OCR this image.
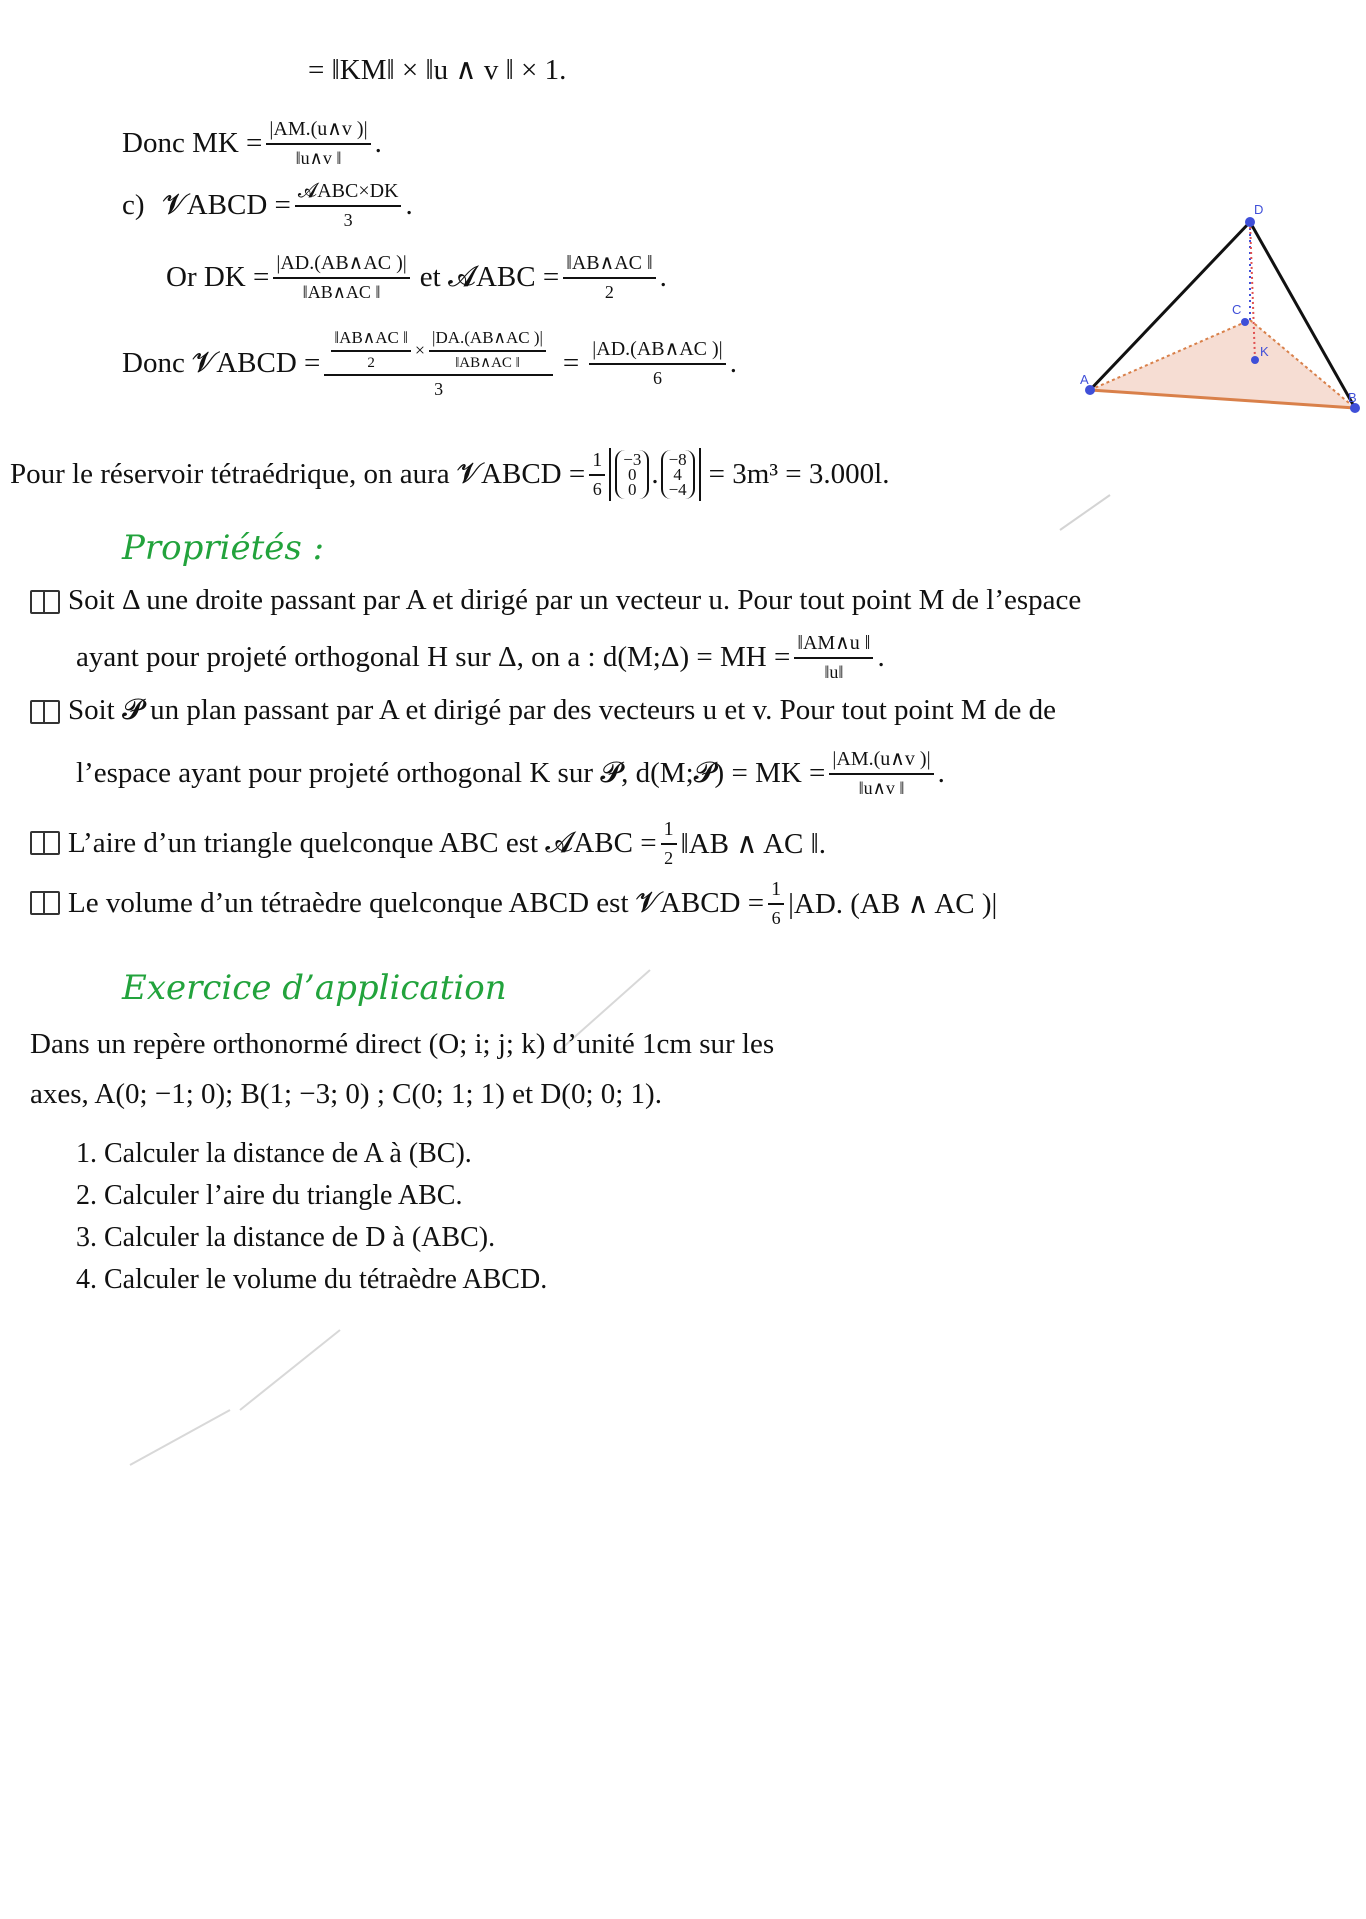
= ‖KM‖ × ‖u ∧ v ‖ × 1.
Donc MK = $\frac{|AM.(u\wedge v )|}{‖u\wedge v ‖}$ .
c) 𝓥ABCD = $\frac{\text{𝓐ABC×DK}}{3}$ .
Or DK = $\frac{|AD.(AB\wedge AC )|}{‖AB\wedge AC ‖}$ et 𝓐ABC = $\frac{‖AB\wedge AC ‖}{2}$ .
Donc 𝓥ABCD = $\frac{‖AB\wedge AC ‖}{2} \times \frac{|DA.(AB\wedge AC )|}{‖AB\wedge AC ‖}$
3
= $\frac{|AD.(AB\wedge AC )|}{6}$ .
Pour le réservoir tétraédrique, on aura 𝓥ABCD = $\frac{1}{6} -3$
0
0 . −8
4
−4 = 3m³ = 3.000l.
D
C
K
A
B
Propriétés :
Soit Δ une droite passant par A et dirigé par un vecteur u. Pour tout point M de l’espace
ayant pour projeté orthogonal H sur Δ, on a : d(M;Δ) = MH = $\frac{‖AM\wedge u ‖}{‖u‖}$ .
Soit 𝓟 un plan passant par A et dirigé par des vecteurs u et v. Pour tout point M de de
l’espace ayant pour projeté orthogonal K sur 𝓟, d(M;𝓟) = MK = $\frac{|AM.(u\wedge v )|}{‖u\wedge v ‖}$ .
L’aire d’un triangle quelconque ABC est 𝓐ABC = $\frac{1}{2}$ ‖AB ∧ AC ‖.
Le volume d’un tétraèdre quelconque ABCD est 𝓥ABCD = $\frac{1}{6} |AD$. (AB ∧ AC )|
Exercice d’application
Dans un repère orthonormé direct (O; i; j; k) d’unité 1cm sur les
axes, A(0; −1; 0); B(1; −3; 0) ; C(0; 1; 1) et D(0; 0; 1).
1. Calculer la distance de A à (BC).
2. Calculer l’aire du triangle ABC.
3. Calculer la distance de D à (ABC).
4. Calculer le volume du tétraèdre ABCD.
